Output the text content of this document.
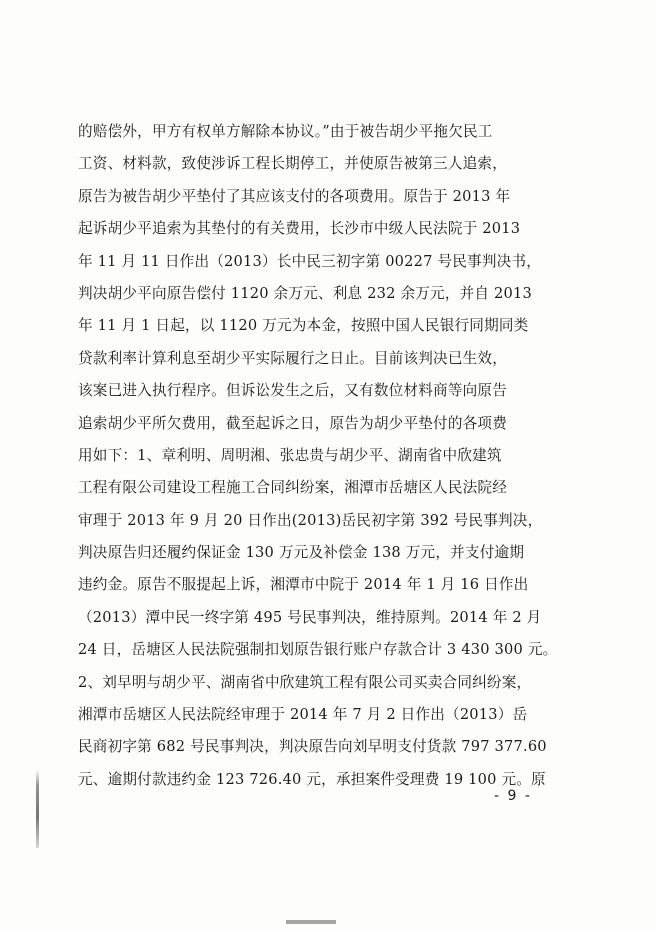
的赔偿外，甲方有权单方解除本协议。”由于被告胡少平拖欠民工
工资、材料款，致使涉诉工程长期停工，并使原告被第三人追索，
原告为被告胡少平垫付了其应该支付的各项费用。原告于 2013 年
起诉胡少平追索为其垫付的有关费用，长沙市中级人民法院于 2013
年 11 月 11 日作出（2013）长中民三初字第 00227 号民事判决书，
判决胡少平向原告偿付 1120 余万元、利息 232 余万元，并自 2013
年 11 月 1 日起，以 1120 万元为本金，按照中国人民银行同期同类
贷款利率计算利息至胡少平实际履行之日止。目前该判决已生效，
该案已进入执行程序。但诉讼发生之后，又有数位材料商等向原告
追索胡少平所欠费用，截至起诉之日，原告为胡少平垫付的各项费
用如下：1、章利明、周明湘、张忠贵与胡少平、湖南省中欣建筑
工程有限公司建设工程施工合同纠纷案，湘潭市岳塘区人民法院经
审理于 2013 年 9 月 20 日作出(2013)岳民初字第 392 号民事判决，
判决原告归还履约保证金 130 万元及补偿金 138 万元，并支付逾期
违约金。原告不服提起上诉，湘潭市中院于 2014 年 1 月 16 日作出
（2013）潭中民一终字第 495 号民事判决，维持原判。2014 年 2 月
24 日，岳塘区人民法院强制扣划原告银行账户存款合计 3 430 300 元。
2、刘早明与胡少平、湖南省中欣建筑工程有限公司买卖合同纠纷案，
湘潭市岳塘区人民法院经审理于 2014 年 7 月 2 日作出（2013）岳
民商初字第 682 号民事判决，判决原告向刘早明支付货款 797 377.60
元、逾期付款违约金 123 726.40 元，承担案件受理费 19 100 元。原
- 9 -
